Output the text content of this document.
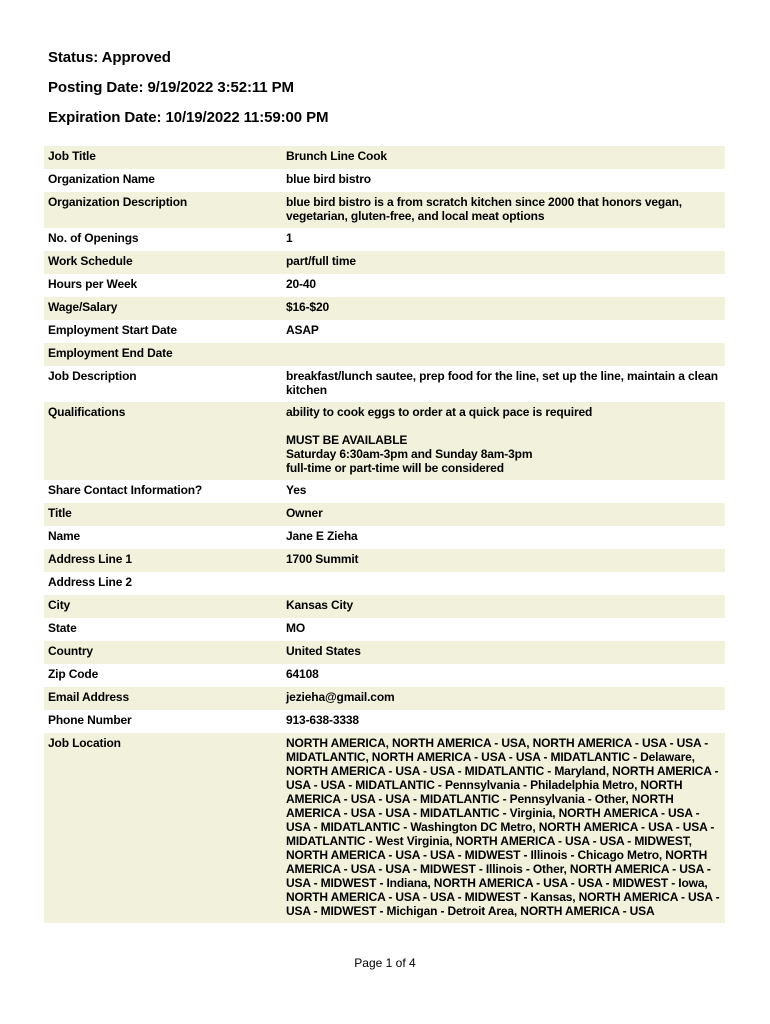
Status: Approved
Posting Date: 9/19/2022 3:52:11 PM
Expiration Date: 10/19/2022 11:59:00 PM
Job Title	Brunch Line Cook
Organization Name	blue bird bistro
Organization Description	blue bird bistro is a from scratch kitchen since 2000 that honors vegan, vegetarian, gluten-free, and local meat options
No. of Openings	1
Work Schedule	part/full time
Hours per Week	20-40
Wage/Salary	$16-$20
Employment Start Date	ASAP
Employment End Date	
Job Description	breakfast/lunch sautee, prep food for the line, set up the line, maintain a clean kitchen
Qualifications	ability to cook eggs to order at a quick pace is required

MUST BE AVAILABLE
Saturday 6:30am-3pm and Sunday 8am-3pm
full-time or part-time will be considered
Share Contact Information?	Yes
Title	Owner
Name	Jane E Zieha
Address Line 1	1700 Summit
Address Line 2	
City	Kansas City
State	MO
Country	United States
Zip Code	64108
Email Address	jezieha@gmail.com
Phone Number	913-638-3338
Job Location	NORTH AMERICA, NORTH AMERICA - USA, NORTH AMERICA - USA - USA - MIDATLANTIC, NORTH AMERICA - USA - USA - MIDATLANTIC - Delaware, NORTH AMERICA - USA - USA - MIDATLANTIC - Maryland, NORTH AMERICA - USA - USA - MIDATLANTIC - Pennsylvania - Philadelphia Metro, NORTH AMERICA - USA - USA - MIDATLANTIC - Pennsylvania - Other, NORTH AMERICA - USA - USA - MIDATLANTIC - Virginia, NORTH AMERICA - USA - USA - MIDATLANTIC - Washington DC Metro, NORTH AMERICA - USA - USA - MIDATLANTIC - West Virginia, NORTH AMERICA - USA - USA - MIDWEST, NORTH AMERICA - USA - USA - MIDWEST - Illinois - Chicago Metro, NORTH AMERICA - USA - USA - MIDWEST - Illinois - Other, NORTH AMERICA - USA - USA - MIDWEST - Indiana, NORTH AMERICA - USA - USA - MIDWEST - Iowa, NORTH AMERICA - USA - USA - MIDWEST - Kansas, NORTH AMERICA - USA - USA - MIDWEST - Michigan - Detroit Area, NORTH AMERICA - USA
Page 1 of 4
